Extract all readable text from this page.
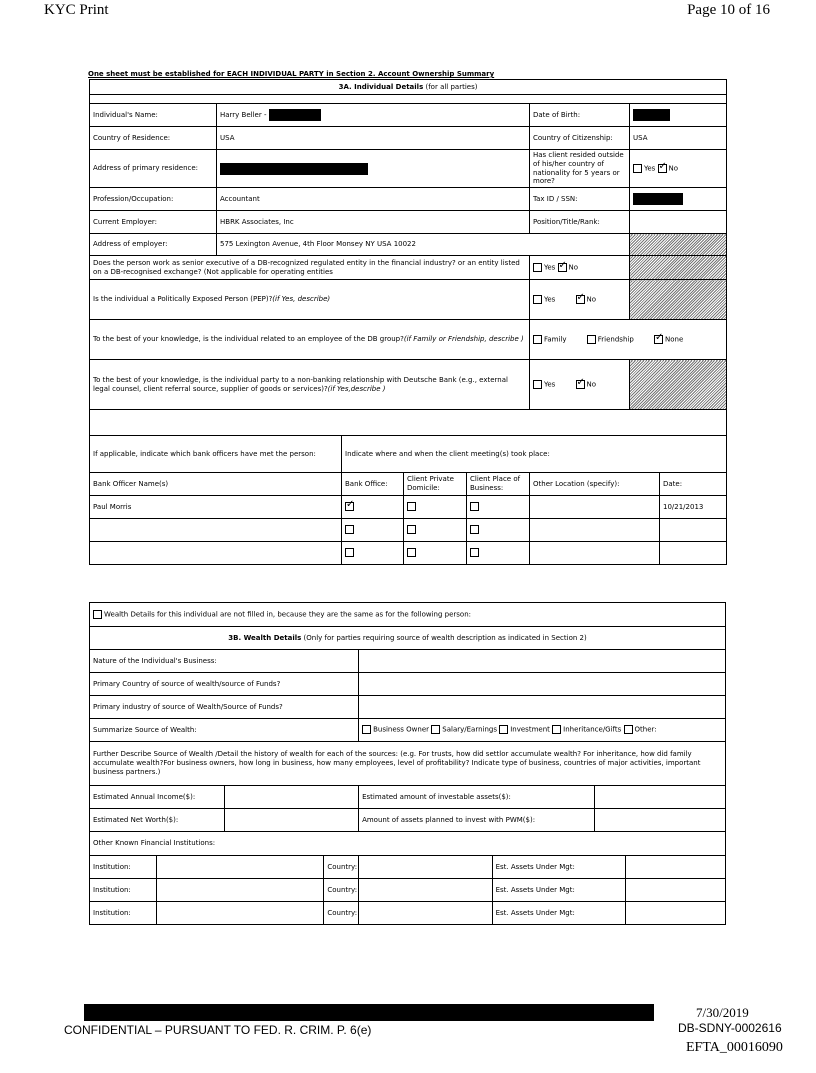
KYC Print	Page 10 of 16
One sheet must be established for EACH INDIVIDUAL PARTY in Section 2. Account Ownership Summary
3A. Individual Details (for all parties)							

Individual's Name:	Harry Beller -				Date of Birth:		
Country of Residence:	USA				Country of Citizenship:	USA	
Address of primary residence:					Has client resided outside of his/her country of nationality for 5 years or more?	Yes ✓ No
Profession/Occupation:	Accountant				Tax ID / SSN:		
Current Employer:	HBRK Associates, Inc				Position/Title/Rank:		
Address of employer:	575 Lexington Avenue, 4th Floor Monsey NY USA 10022						
Does the person work as senior executive of a DB-recognized regulated entity in the financial industry? or an entity listed on a DB-recognised exchange? (Not applicable for operating entities					Yes ✓ No	
Is the individual a Politically Exposed Person (PEP)?(if Yes, describe)					Yes ✓ No	
To the best of your knowledge, is the individual related to an employee of the DB group?(if Family or Friendship, describe )					Family Friendship ✓ None
To the best of your knowledge, is the individual party to a non-banking relationship with Deutsche Bank (e.g., external legal counsel, client referral source, supplier of goods or services)?(if Yes,describe )					Yes ✓ No	

If applicable, indicate which bank officers have met the person:		Indicate where and when the client meeting(s) took place:					
Bank Officer Name(s)		Bank Office:	Client Private Domicile:	Client Place of Business:	Other Location (specify):		Date:
Paul Morris	✓						10/21/2013

Wealth Details for this individual are not filled in, because they are the same as for the following person:							
3B. Wealth Details (Only for parties requiring source of wealth description as indicated in Section 2)							
Nature of the Individual's Business:							
Primary Country of source of wealth/source of Funds?							
Primary industry of source of Wealth/Source of Funds?							
Summarize Source of Wealth:				Business Owner Salary/Earnings Investment Inheritance/Gifts Other:			
Further Describe Source of Wealth /Detail the history of wealth for each of the sources: (e.g. For trusts, how did settlor accumulate wealth? For inheritance, how did family accumulate wealth?For business owners, how long in business, how many employees, level of profitability? Indicate type of business, countries of major activities, important business partners.)							
Estimated Annual Income($):				Estimated amount of investable assets($):			
Estimated Net Worth($):				Amount of assets planned to invest with PWM($):			
Other Known Financial Institutions:							
Institution:			Country:		Est. Assets Under Mgt:		
Institution:			Country:		Est. Assets Under Mgt:		
Institution:			Country:		Est. Assets Under Mgt:		
7/30/2019
CONFIDENTIAL – PURSUANT TO FED. R. CRIM. P. 6(e)	DB-SDNY-0002616
EFTA_00016090
